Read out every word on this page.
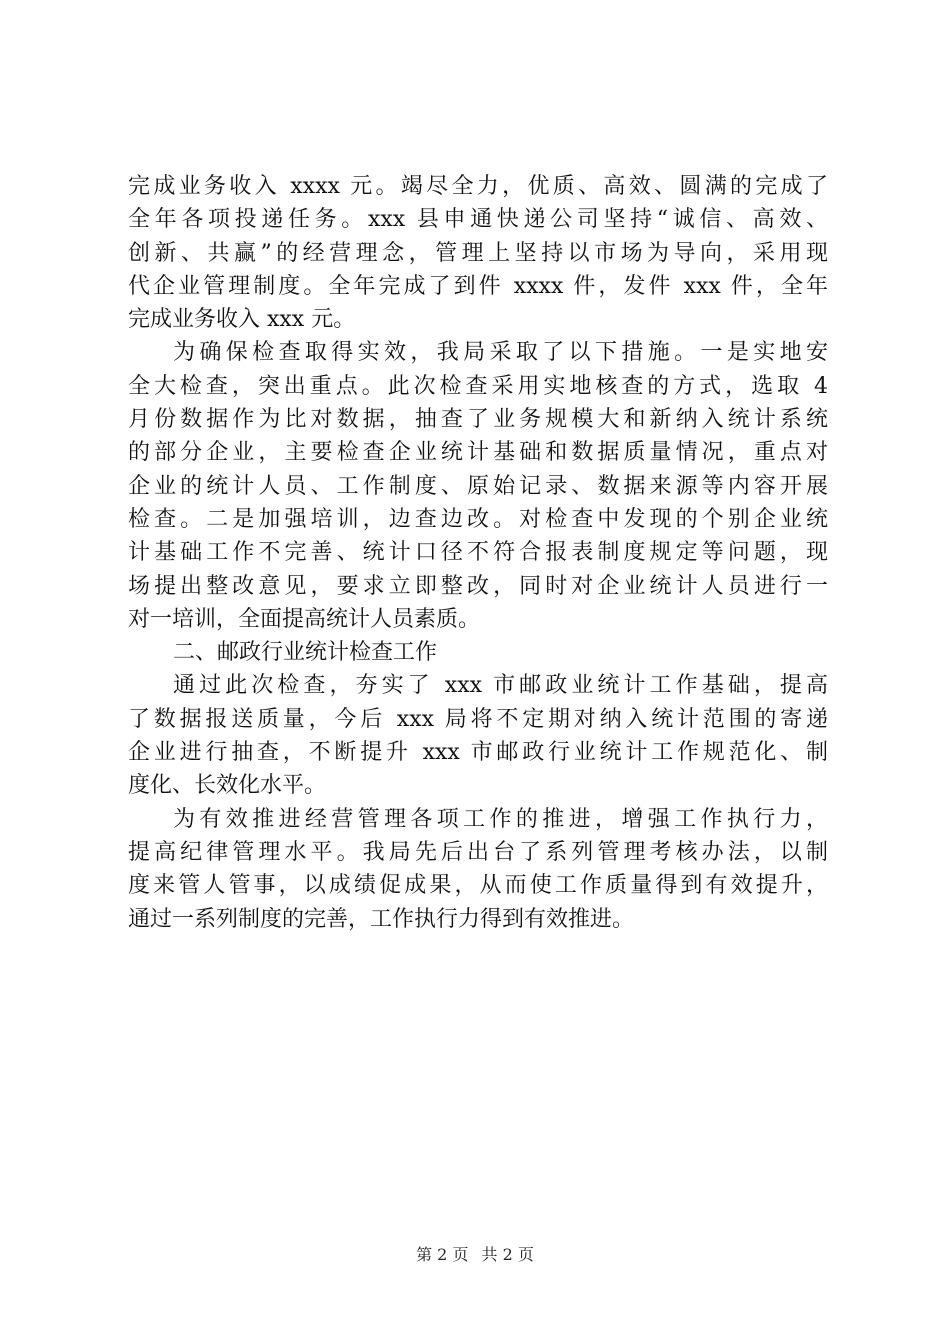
完成业务收入 xxxx 元。竭尽全力，优质、高效、圆满的完成了
全年各项投递任务。xxx 县申通快递公司坚持“诚信、高效、
创新、共赢”的经营理念，管理上坚持以市场为导向，采用现
代企业管理制度。全年完成了到件 xxxx 件，发件 xxx 件，全年
完成业务收入 xxx 元。
为确保检查取得实效，我局采取了以下措施。一是实地安
全大检查，突出重点。此次检查采用实地核查的方式，选取 4
月份数据作为比对数据，抽查了业务规模大和新纳入统计系统
的部分企业，主要检查企业统计基础和数据质量情况，重点对
企业的统计人员、工作制度、原始记录、数据来源等内容开展
检查。二是加强培训，边查边改。对检查中发现的个别企业统
计基础工作不完善、统计口径不符合报表制度规定等问题，现
场提出整改意见，要求立即整改，同时对企业统计人员进行一
对一培训，全面提高统计人员素质。
二、邮政行业统计检查工作
通过此次检查，夯实了 xxx 市邮政业统计工作基础，提高
了数据报送质量，今后 xxx 局将不定期对纳入统计范围的寄递
企业进行抽查，不断提升 xxx 市邮政行业统计工作规范化、制
度化、长效化水平。
为有效推进经营管理各项工作的推进，增强工作执行力，
提高纪律管理水平。我局先后出台了系列管理考核办法，以制
度来管人管事，以成绩促成果，从而使工作质量得到有效提升，
通过一系列制度的完善，工作执行力得到有效推进。
第 2 页 共 2 页
